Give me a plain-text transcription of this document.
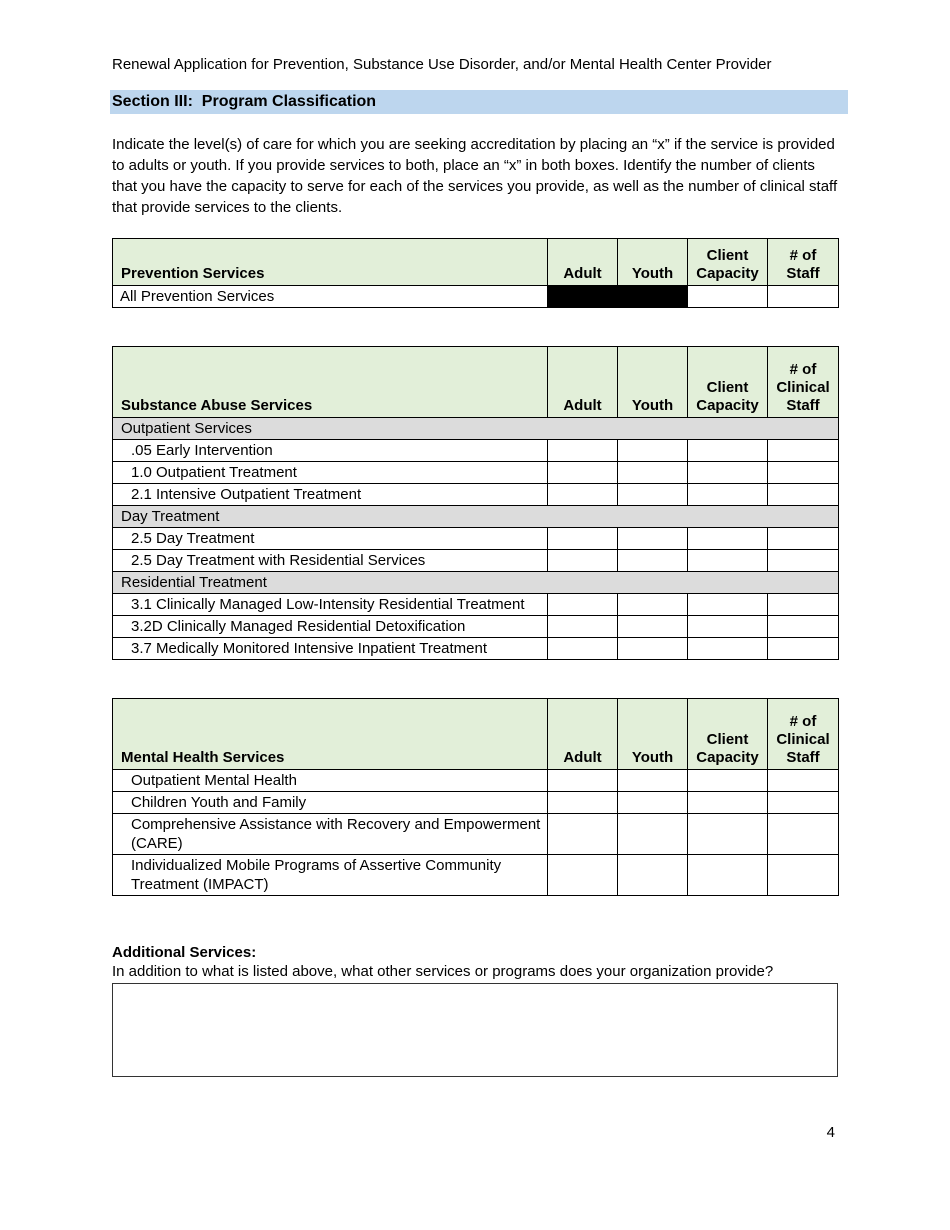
Renewal Application for Prevention, Substance Use Disorder, and/or Mental Health Center Provider
Section III:  Program Classification
Indicate the level(s) of care for which you are seeking accreditation by placing an “x” if the service is provided to adults or youth. If you provide services to both, place an “x” in both boxes. Identify the number of clients that you have the capacity to serve for each of the services you provide, as well as the number of clinical staff that provide services to the clients.
Prevention Services	Adult	Youth	Client Capacity	# of Staff
All Prevention Services				
Substance Abuse Services	Adult	Youth	Client Capacity	# of Clinical Staff
Outpatient Services				
.05 Early Intervention				
1.0 Outpatient Treatment				
2.1 Intensive Outpatient Treatment				
Day Treatment				
2.5 Day Treatment				
2.5 Day Treatment with Residential Services				
Residential Treatment				
3.1 Clinically Managed Low-Intensity Residential Treatment				
3.2D Clinically Managed Residential Detoxification				
3.7 Medically Monitored Intensive Inpatient Treatment				
Mental Health Services	Adult	Youth	Client Capacity	# of Clinical Staff
Outpatient Mental Health				
Children Youth and Family				
Comprehensive Assistance with Recovery and Empowerment (CARE)				
Individualized Mobile Programs of Assertive Community Treatment (IMPACT)				
Additional Services:
In addition to what is listed above, what other services or programs does your organization provide?
4
